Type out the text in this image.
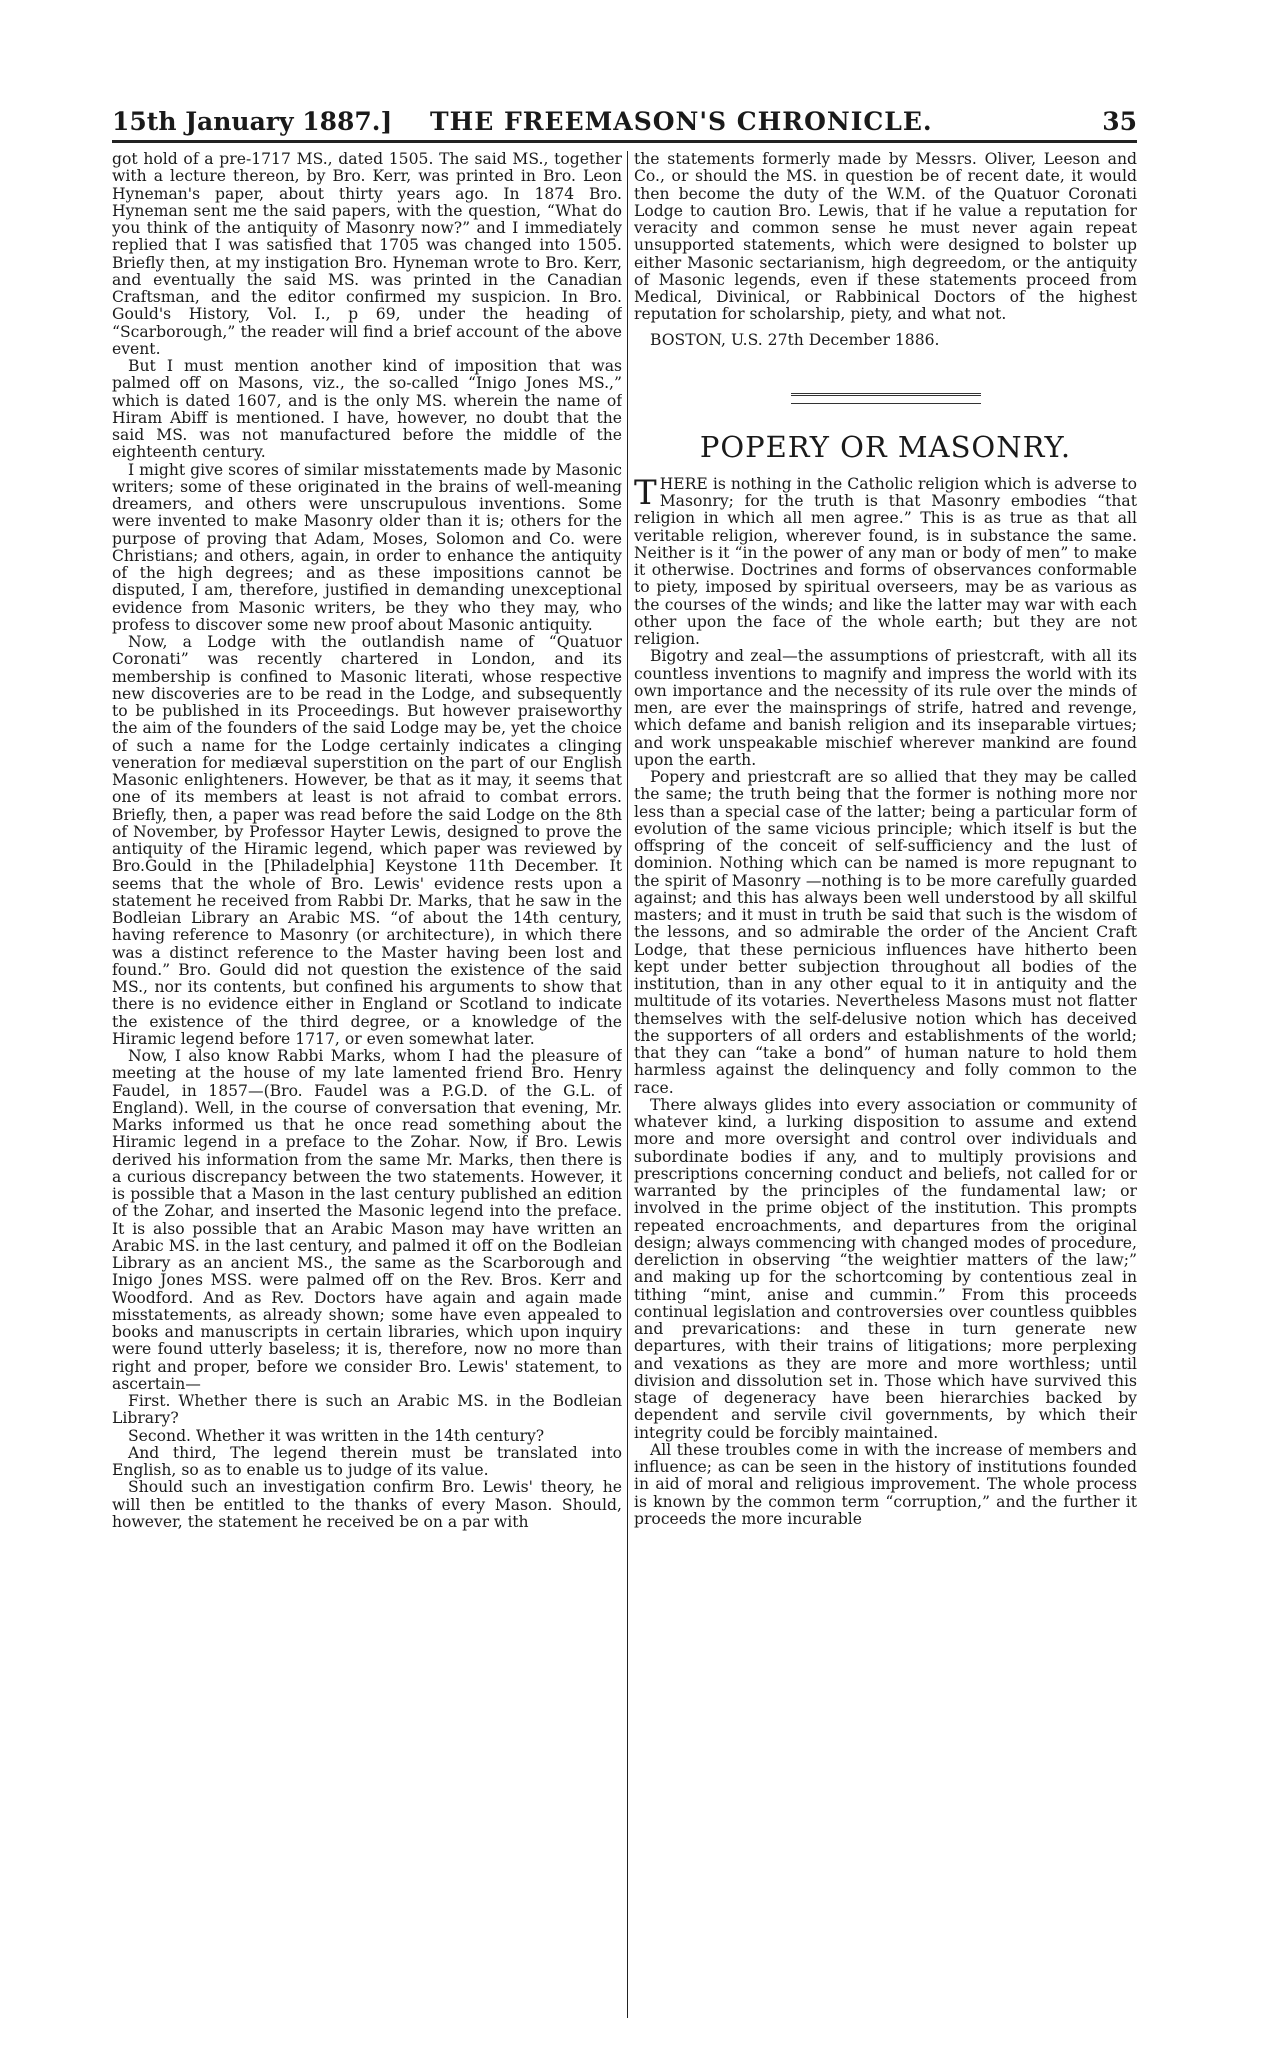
15th January 1887.] THE FREEMASON'S CHRONICLE.	35

got hold of a pre-1717 MS., dated 1505. The said MS., together with a lecture thereon, by Bro. Kerr, was printed in Bro. Leon Hyneman's paper, about thirty years ago. In 1874 Bro. Hyneman sent me the said papers, with the question, “What do you think of the antiquity of Masonry now?” and I immediately replied that I was satisfied that 1705 was changed into 1505. Briefly then, at my instigation Bro. Hyneman wrote to Bro. Kerr, and eventually the said MS. was printed in the Canadian Craftsman, and the editor confirmed my suspicion. In Bro. Gould's History, Vol. I., p 69, under the heading of “Scarborough,” the reader will find a brief account of the above event.

But I must mention another kind of imposition that was palmed off on Masons, viz., the so-called “Inigo Jones MS.,” which is dated 1607, and is the only MS. wherein the name of Hiram Abiff is mentioned. I have, however, no doubt that the said MS. was not manufactured before the middle of the eighteenth century.

I might give scores of similar misstatements made by Masonic writers; some of these originated in the brains of well-meaning dreamers, and others were unscrupulous inventions. Some were invented to make Masonry older than it is; others for the purpose of proving that Adam, Moses, Solomon and Co. were Christians; and others, again, in order to enhance the antiquity of the high degrees; and as these impositions cannot be disputed, I am, therefore, justified in demanding unexceptional evidence from Masonic writers, be they who they may, who profess to discover some new proof about Masonic antiquity.

Now, a Lodge with the outlandish name of “Quatuor Coronati” was recently chartered in London, and its membership is confined to Masonic literati, whose respective new discoveries are to be read in the Lodge, and subsequently to be published in its Proceedings. But however praiseworthy the aim of the founders of the said Lodge may be, yet the choice of such a name for the Lodge certainly indicates a clinging veneration for mediæval superstition on the part of our English Masonic enlighteners. However, be that as it may, it seems that one of its members at least is not afraid to combat errors. Briefly, then, a paper was read before the said Lodge on the 8th of November, by Professor Hayter Lewis, designed to prove the antiquity of the Hiramic legend, which paper was reviewed by Bro.Gould in the [Philadelphia] Keystone 11th December. It seems that the whole of Bro. Lewis' evidence rests upon a statement he received from Rabbi Dr. Marks, that he saw in the Bodleian Library an Arabic MS. “of about the 14th century, having reference to Masonry (or architecture), in which there was a distinct reference to the Master having been lost and found.” Bro. Gould did not question the existence of the said MS., nor its contents, but confined his arguments to show that there is no evidence either in England or Scotland to indicate the existence of the third degree, or a knowledge of the Hiramic legend before 1717, or even somewhat later.

Now, I also know Rabbi Marks, whom I had the pleasure of meeting at the house of my late lamented friend Bro. Henry Faudel, in 1857—(Bro. Faudel was a P.G.D. of the G.L. of England). Well, in the course of conversation that evening, Mr. Marks informed us that he once read something about the Hiramic legend in a preface to the Zohar. Now, if Bro. Lewis derived his information from the same Mr. Marks, then there is a curious discrepancy between the two statements. However, it is possible that a Mason in the last century published an edition of the Zohar, and inserted the Masonic legend into the preface. It is also possible that an Arabic Mason may have written an Arabic MS. in the last century, and palmed it off on the Bodleian Library as an ancient MS., the same as the Scarborough and Inigo Jones MSS. were palmed off on the Rev. Bros. Kerr and Woodford. And as Rev. Doctors have again and again made misstatements, as already shown; some have even appealed to books and manuscripts in certain libraries, which upon inquiry were found utterly baseless; it is, therefore, now no more than right and proper, before we consider Bro. Lewis' statement, to ascertain—

First. Whether there is such an Arabic MS. in the Bodleian Library?

Second. Whether it was written in the 14th century?

And third, The legend therein must be translated into English, so as to enable us to judge of its value.

Should such an investigation confirm Bro. Lewis' theory, he will then be entitled to the thanks of every Mason. Should, however, the statement he received be on a par with

the statements formerly made by Messrs. Oliver, Leeson and Co., or should the MS. in question be of recent date, it would then become the duty of the W.M. of the Quatuor Coronati Lodge to caution Bro. Lewis, that if he value a reputation for veracity and common sense he must never again repeat unsupported statements, which were designed to bolster up either Masonic sectarianism, high degreedom, or the antiquity of Masonic legends, even if these statements proceed from Medical, Divinical, or Rabbinical Doctors of the highest reputation for scholarship, piety, and what not.

BOSTON, U.S. 27th December 1886.

POPERY OR MASONRY.

THERE is nothing in the Catholic religion which is adverse to Masonry; for the truth is that Masonry embodies “that religion in which all men agree.” This is as true as that all veritable religion, wherever found, is in substance the same. Neither is it “in the power of any man or body of men” to make it otherwise. Doctrines and forms of observances conformable to piety, imposed by spiritual overseers, may be as various as the courses of the winds; and like the latter may war with each other upon the face of the whole earth; but they are not religion.

Bigotry and zeal—the assumptions of priestcraft, with all its countless inventions to magnify and impress the world with its own importance and the necessity of its rule over the minds of men, are ever the mainsprings of strife, hatred and revenge, which defame and banish religion and its inseparable virtues; and work unspeakable mischief wherever mankind are found upon the earth.

Popery and priestcraft are so allied that they may be called the same; the truth being that the former is nothing more nor less than a special case of the latter; being a particular form of evolution of the same vicious principle; which itself is but the offspring of the conceit of self-sufficiency and the lust of dominion. Nothing which can be named is more repugnant to the spirit of Masonry —nothing is to be more carefully guarded against; and this has always been well understood by all skilful masters; and it must in truth be said that such is the wisdom of the lessons, and so admirable the order of the Ancient Craft Lodge, that these pernicious influences have hitherto been kept under better subjection throughout all bodies of the institution, than in any other equal to it in antiquity and the multitude of its votaries. Nevertheless Masons must not flatter themselves with the self-delusive notion which has deceived the supporters of all orders and establishments of the world; that they can “take a bond” of human nature to hold them harmless against the delinquency and folly common to the race.

There always glides into every association or community of whatever kind, a lurking disposition to assume and extend more and more oversight and control over individuals and subordinate bodies if any, and to multiply provisions and prescriptions concerning conduct and beliefs, not called for or warranted by the principles of the fundamental law; or involved in the prime object of the institution. This prompts repeated encroachments, and departures from the original design; always commencing with changed modes of procedure, dereliction in observing “the weightier matters of the law;” and making up for the schortcoming by contentious zeal in tithing “mint, anise and cummin.” From this proceeds continual legislation and controversies over countless quibbles and prevarications: and these in turn generate new departures, with their trains of litigations; more perplexing and vexations as they are more and more worthless; until division and dissolution set in. Those which have survived this stage of degeneracy have been hierarchies backed by dependent and servile civil governments, by which their integrity could be forcibly maintained.

All these troubles come in with the increase of members and influence; as can be seen in the history of institutions founded in aid of moral and religious improvement. The whole process is known by the common term “corruption,” and the further it proceeds the more incurable
